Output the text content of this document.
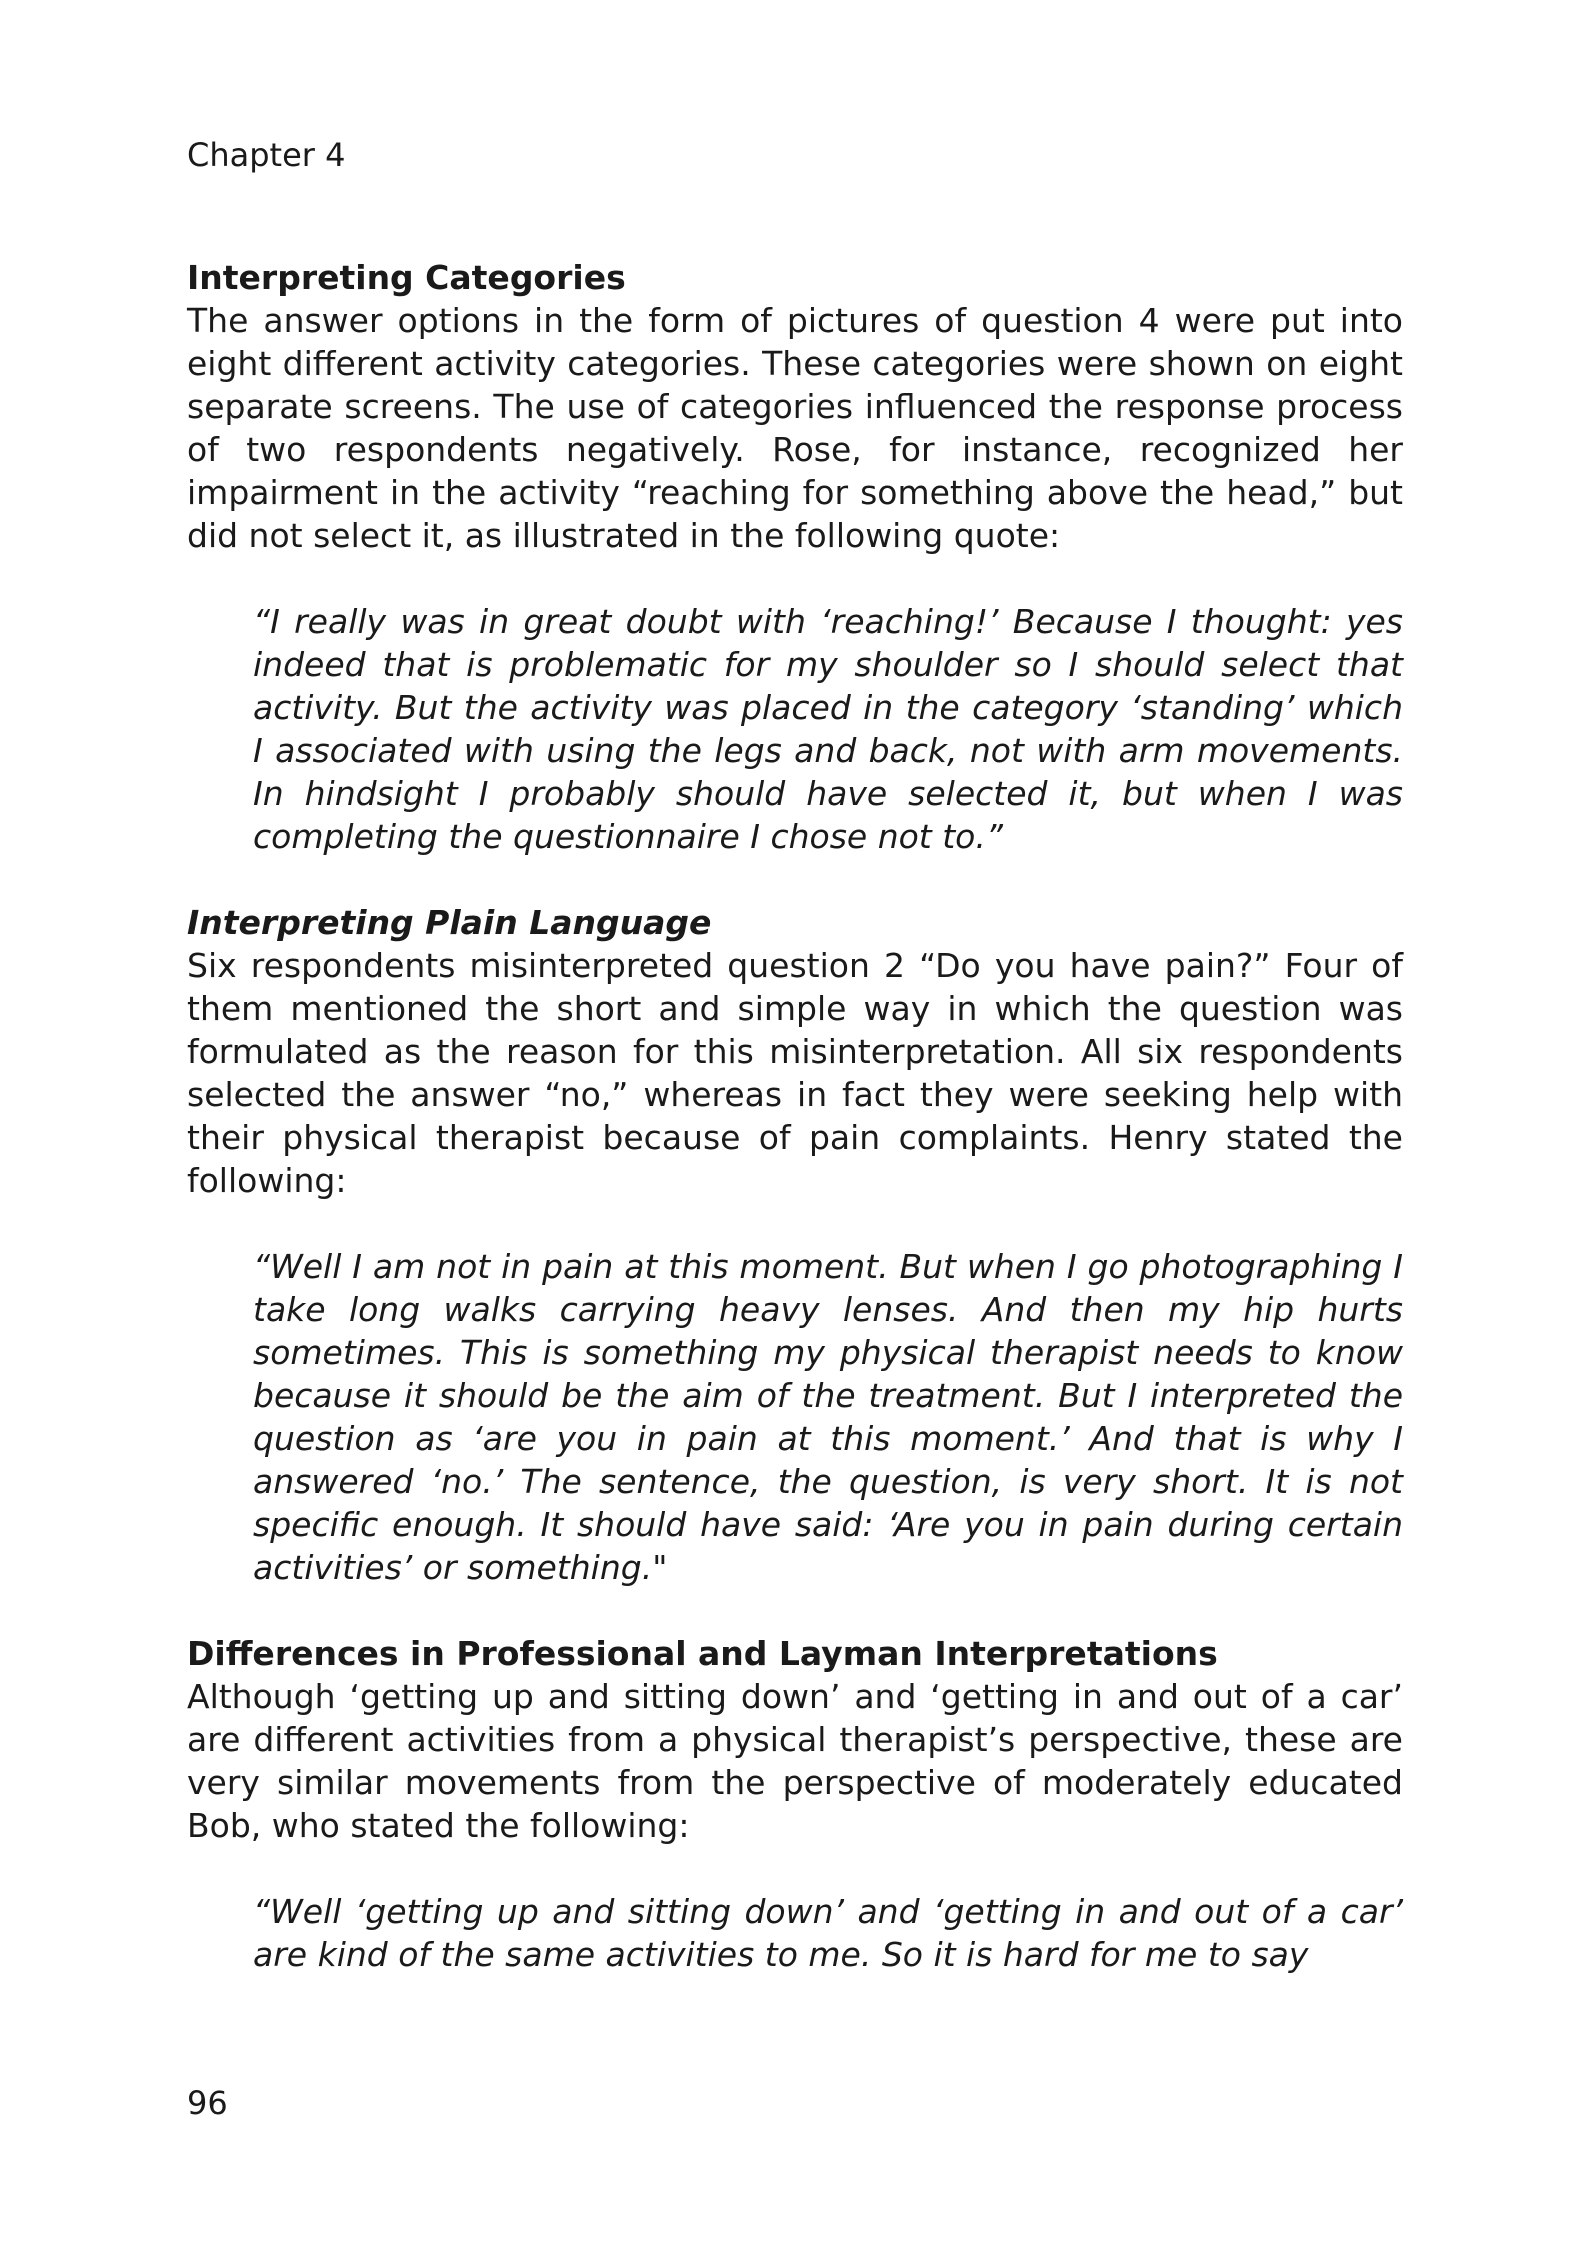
Chapter 4
Interpreting Categories

The answer options in the form of pictures of question 4 were put into eight different activity categories. These categories were shown on eight separate screens. The use of categories influenced the response process of two respondents negatively. Rose, for instance, recognized her impairment in the activity “reaching for something above the head,” but did not select it, as illustrated in the following quote:

“I really was in great doubt with ‘reaching!’ Because I thought: yes indeed that is problematic for my shoulder so I should select that activity. But the activity was placed in the category ‘standing’ which I associated with using the legs and back, not with arm movements. In hindsight I probably should have selected it, but when I was completing the questionnaire I chose not to.”
Interpreting Plain Language

Six respondents misinterpreted question 2 “Do you have pain?” Four of them mentioned the short and simple way in which the question was formulated as the reason for this misinterpretation. All six respondents selected the answer “no,” whereas in fact they were seeking help with their physical therapist because of pain complaints. Henry stated the following:

“Well I am not in pain at this moment. But when I go photographing I take long walks carrying heavy lenses. And then my hip hurts sometimes. This is something my physical therapist needs to know because it should be the aim of the treatment. But I interpreted the question as ‘are you in pain at this moment.’ And that is why I answered ‘no.’ The sentence, the question, is very short. It is not specific enough. It should have said: ‘Are you in pain during certain activities’ or something."
Differences in Professional and Layman Interpretations

Although ‘getting up and sitting down’ and ‘getting in and out of a car’ are different activities from a physical therapist’s perspective, these are very similar movements from the perspective of moderately educated Bob, who stated the following:

“Well ‘getting up and sitting down’ and ‘getting in and out of a car’ are kind of the same activities to me. So it is hard for me to say
96
